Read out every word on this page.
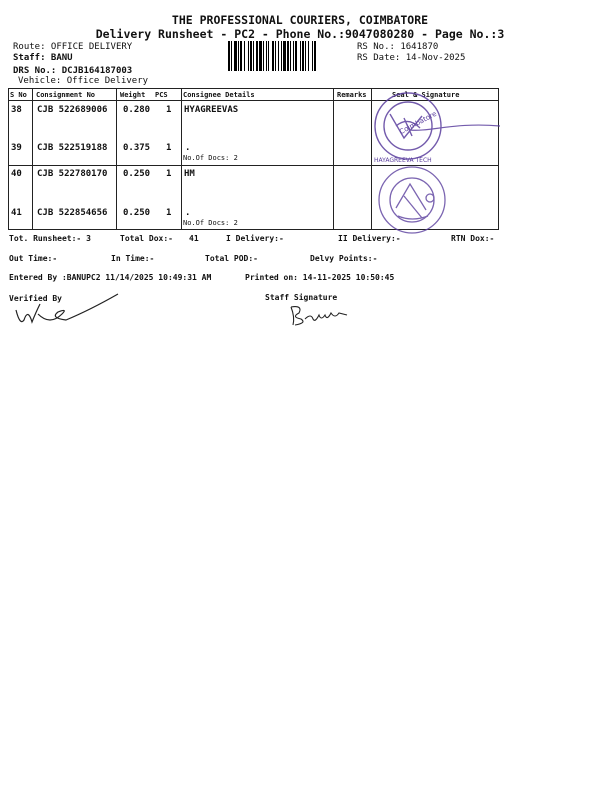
THE PROFESSIONAL COURIERS, COIMBATORE
Delivery Runsheet - PC2 - Phone No.:9047080280 - Page No.:3
Route: OFFICE DELIVERY
Staff: BANU
DRS No.: DCJB164187003
Vehicle: Office Delivery
RS No.: 1641870
RS Date: 14-Nov-2025
S No Consignment No	Weight PCS Consignee Details	Remarks	Seal & Signature
38 CJB 522689006 0.280 1 HYAGREEVAS
39 CJB 522519188 0.375 1 .
No.Of Docs: 2
40 CJB 522780170 0.250 1 HM
41 CJB 522854656 0.250 1 .
No.Of Docs: 2
Coimbatore
HAYAGREEVA TECH
Tot. Runsheet:- 3	Total Dox:- 41	I Delivery:-	II Delivery:-	RTN Dox:-
Out Time:-	In Time:-	Total POD:-	Delvy Points:-
Entered By :BANUPC2 11/14/2025 10:49:31 AM	Printed on: 14-11-2025 10:50:45
Verified By	Staff Signature
